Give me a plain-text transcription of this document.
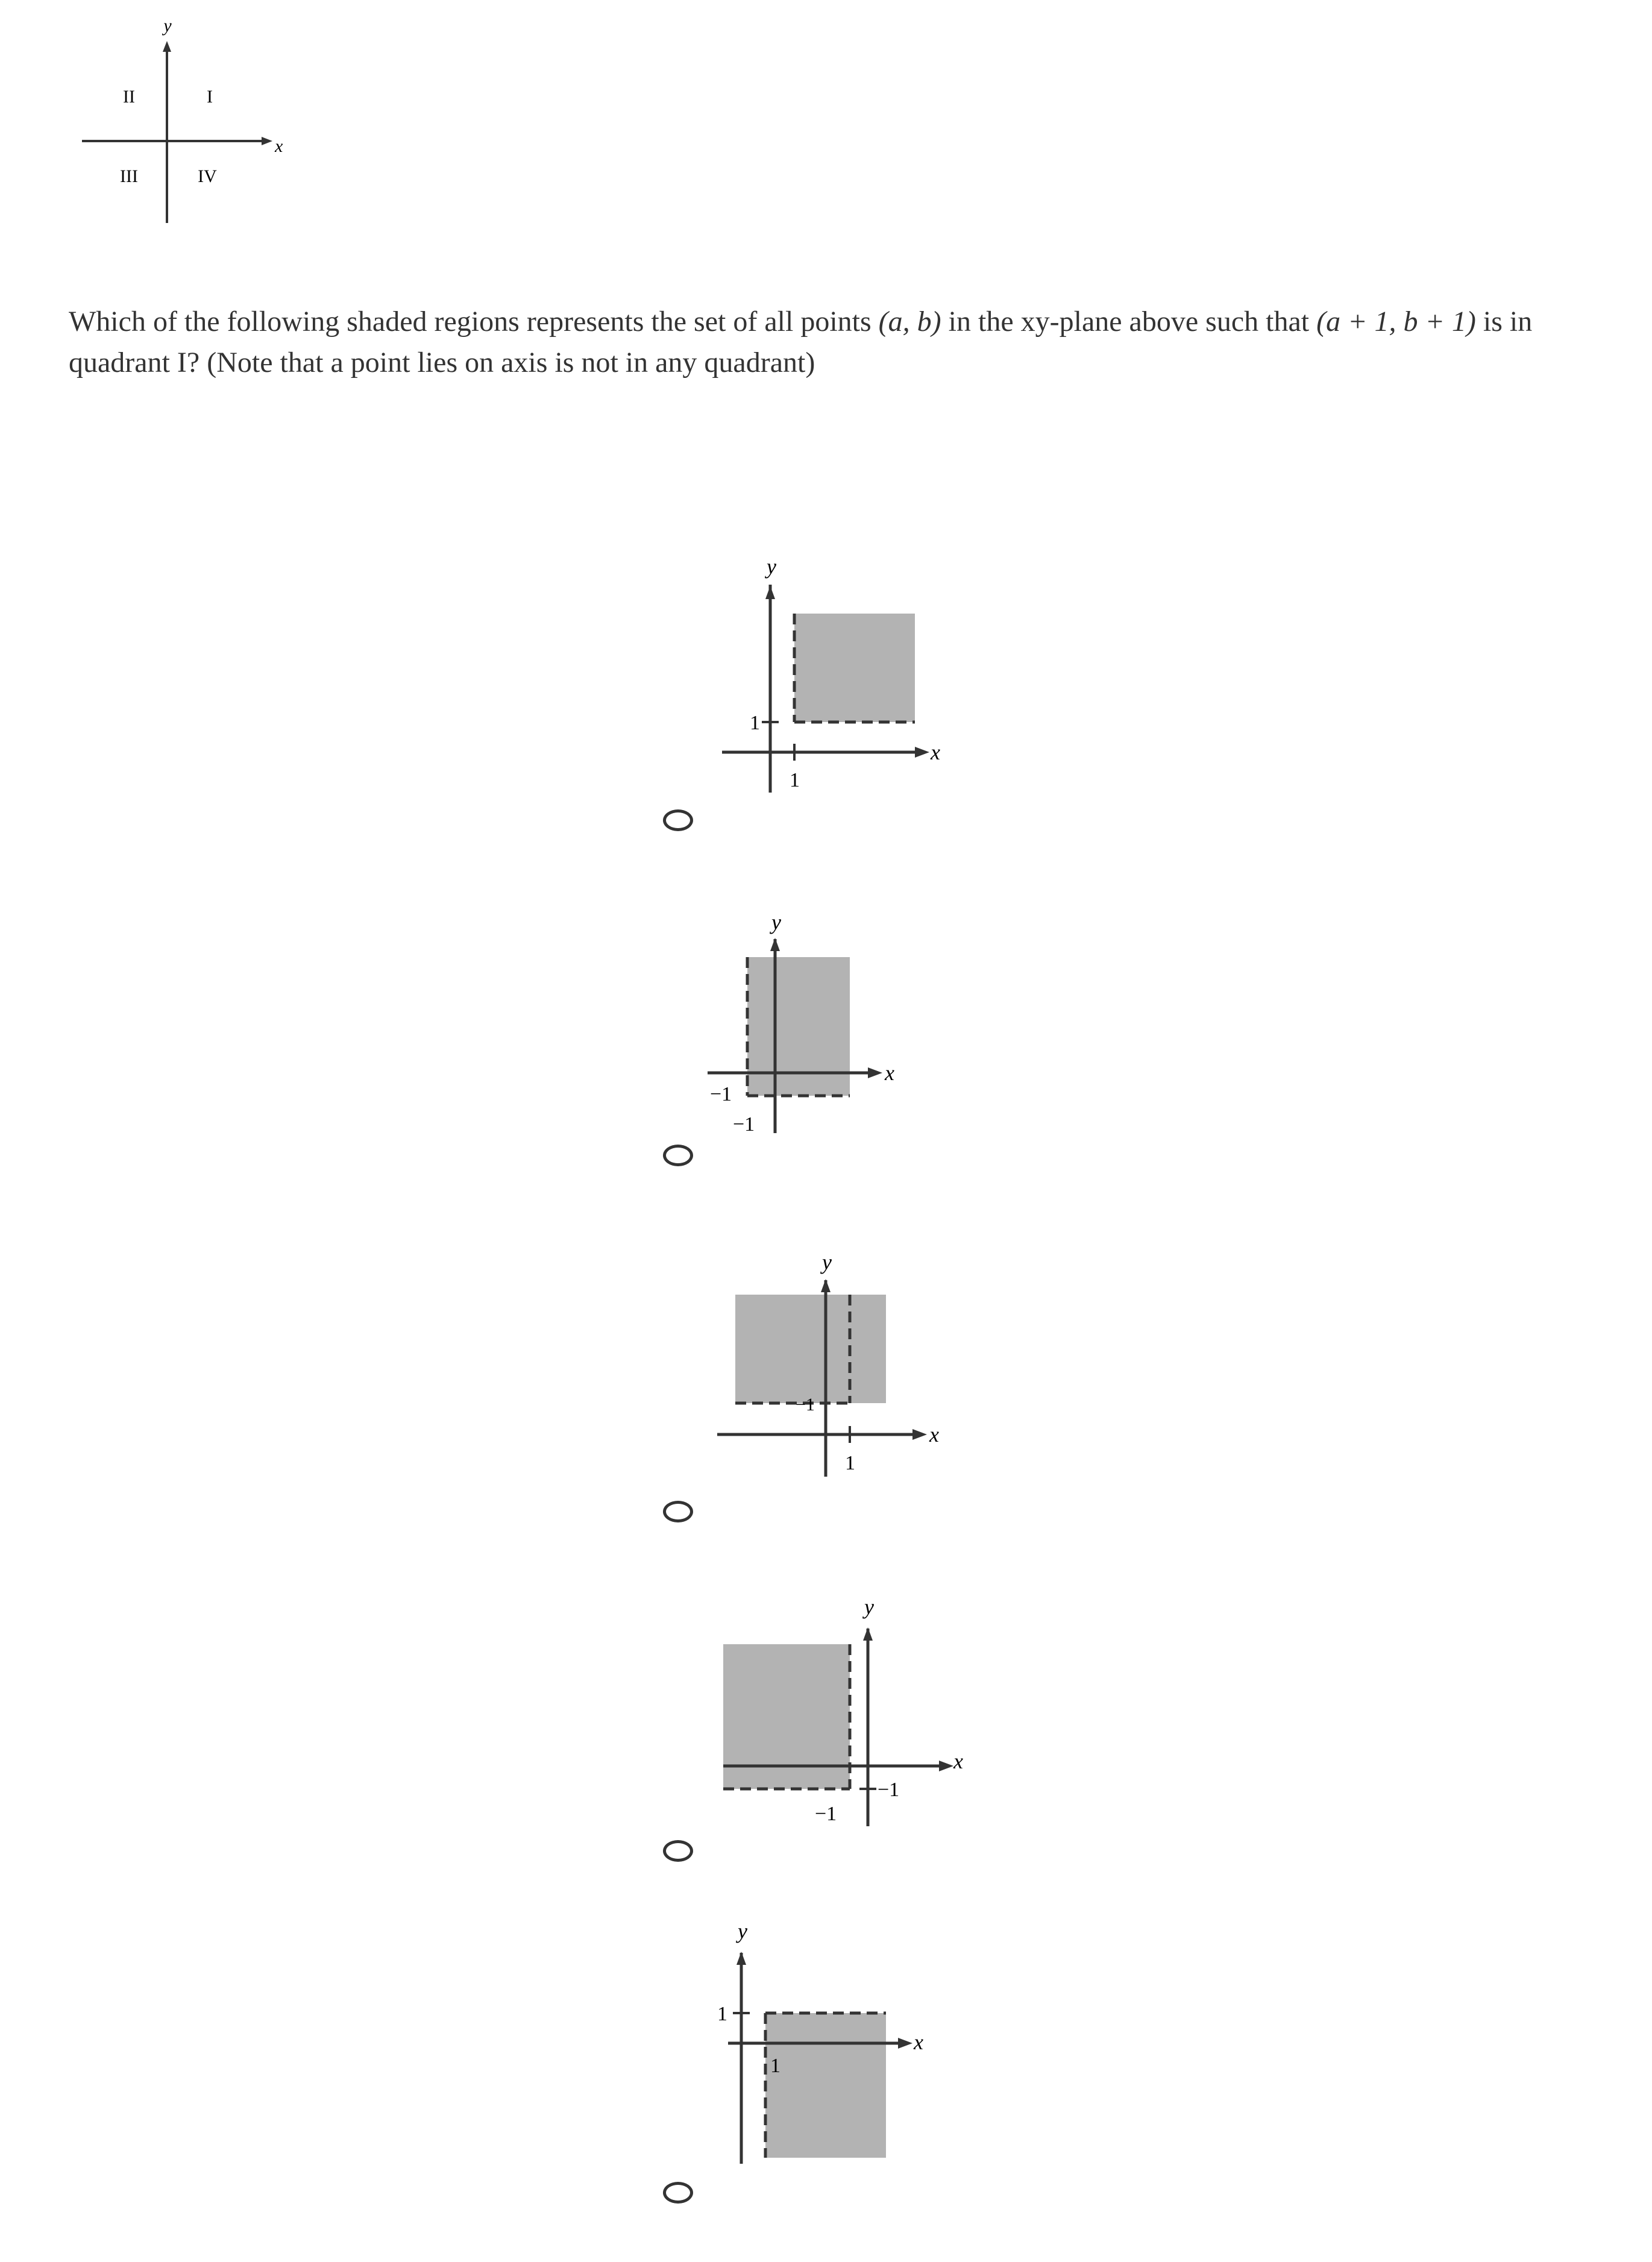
y
x
I
II
III	IV
Which of the following shaded regions represents the set of all points (a, b) in the xy-plane above such that (a + 1, b + 1) is in quadrant I? (Note that a point lies on axis is not in any quadrant)
y
x
1
1
y
x
−1
−1
y
x
−1
1
y
x
−1
−1
y
x
1
1
